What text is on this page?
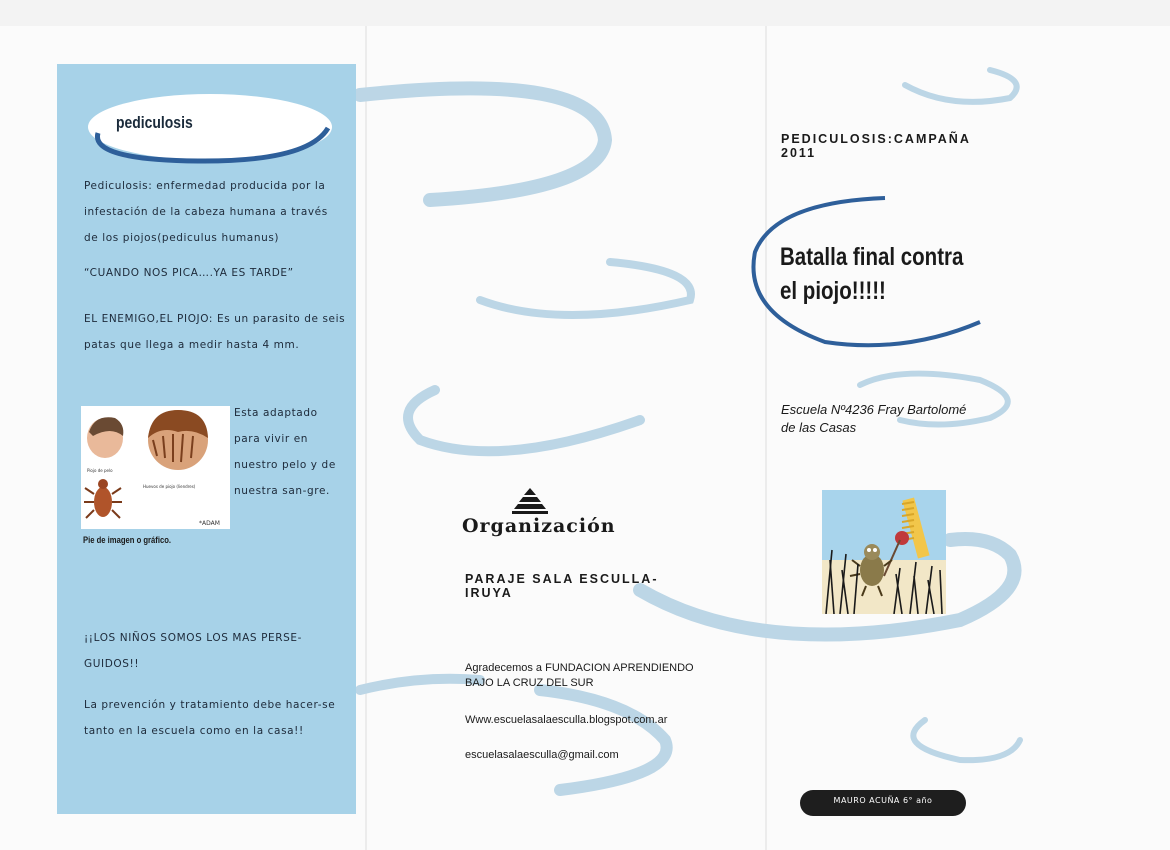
pediculosis
Pediculosis: enfermedad producida por la infestación de la cabeza humana a través de los piojos(pediculus humanus)
“CUANDO NOS PICA….YA ES TARDE”
EL ENEMIGO,EL PIOJO: Es un parasito de seis patas que llega a medir hasta 4 mm.
Piojo de pelo
Huevos de piojo (liendres)
*ADAM
Esta adaptado para vivir en nuestro pelo y de nuestra san-gre.
Pie de imagen o gráfico.
¡¡LOS NIÑOS SOMOS LOS MAS PERSE-GUIDOS!!
La prevención y tratamiento debe hacer-se tanto en la escuela como en la casa!!
Organización
PARAJE SALA ESCULLA-IRUYA
Agradecemos a FUNDACION APRENDIENDO BAJO LA CRUZ DEL SUR
Www.escuelasalaesculla.blogspot.com.ar
escuelasalaesculla@gmail.com
PEDICULOSIS:CAMPAÑA 2011
Batalla final contra el piojo!!!!!
Escuela Nº4236 Fray Bartolomé de las Casas
MAURO ACUÑA 6° año
